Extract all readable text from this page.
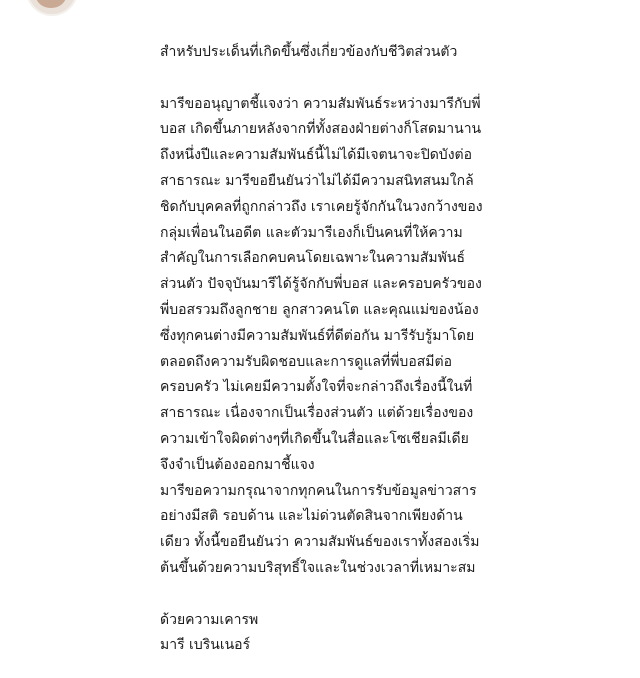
สำหรับประเด็นที่เกิดขึ้นซึ่งเกี่ยวข้องกับชีวิตส่วนตัว
มารีขออนุญาตชี้แจงว่า ความสัมพันธ์ระหว่างมารีกับพี่
บอส เกิดขึ้นภายหลังจากที่ทั้งสองฝ่ายต่างก็โสดมานาน
ถึงหนึ่งปีและความสัมพันธ์นี้ไม่ได้มีเจตนาจะปิดบังต่อ
สาธารณะ มารีขอยืนยันว่าไม่ได้มีความสนิทสนมใกล้
ชิดกับบุคคลที่ถูกกล่าวถึง เราเคยรู้จักกันในวงกว้างของ
กลุ่มเพื่อนในอดีต และตัวมารีเองก็เป็นคนที่ให้ความ
สำคัญในการเลือกคบคนโดยเฉพาะในความสัมพันธ์
ส่วนตัว ปัจจุบันมารีได้รู้จักกับพี่บอส และครอบครัวของ
พี่บอสรวมถึงลูกชาย ลูกสาวคนโต และคุณแม่ของน้อง
ซึ่งทุกคนต่างมีความสัมพันธ์ที่ดีต่อกัน มารีรับรู้มาโดย
ตลอดถึงความรับผิดชอบและการดูแลที่พี่บอสมีต่อ
ครอบครัว ไม่เคยมีความตั้งใจที่จะกล่าวถึงเรื่องนี้ในที่
สาธารณะ เนื่องจากเป็นเรื่องส่วนตัว แต่ด้วยเรื่องของ
ความเข้าใจผิดต่างๆที่เกิดขึ้นในสื่อและโซเชียลมีเดีย
จึงจำเป็นต้องออกมาชี้แจง
มารีขอความกรุณาจากทุกคนในการรับข้อมูลข่าวสาร
อย่างมีสติ รอบด้าน และไม่ด่วนตัดสินจากเพียงด้าน
เดียว ทั้งนี้ขอยืนยันว่า ความสัมพันธ์ของเราทั้งสองเริ่ม
ต้นขึ้นด้วยความบริสุทธิ์ใจและในช่วงเวลาที่เหมาะสม
ด้วยความเคารพ
มารี เบรินเนอร์
